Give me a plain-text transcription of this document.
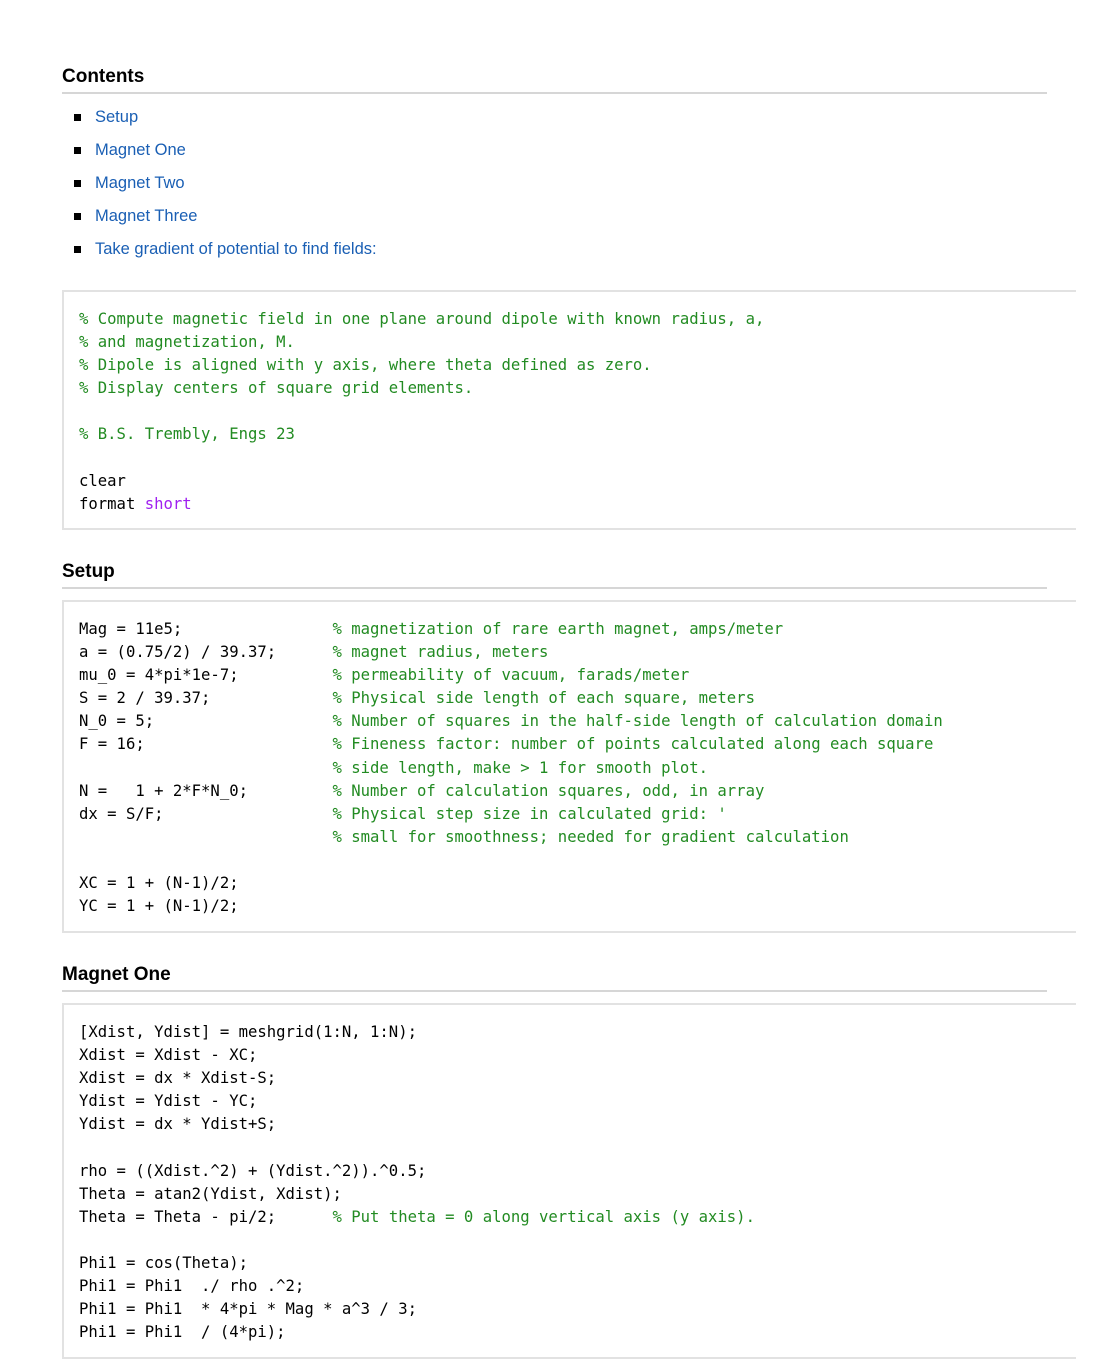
Contents
Setup
Magnet One
Magnet Two
Magnet Three
Take gradient of potential to find fields:
% Compute magnetic field in one plane around dipole with known radius, a,
% and magnetization, M.
% Dipole is aligned with y axis, where theta defined as zero.
% Display centers of square grid elements.

% B.S. Trembly, Engs 23

clear
format short
Setup
Mag = 11e5;                % magnetization of rare earth magnet, amps/meter
a = (0.75/2) / 39.37;      % magnet radius, meters
mu_0 = 4*pi*1e-7;          % permeability of vacuum, farads/meter
S = 2 / 39.37;             % Physical side length of each square, meters
N_0 = 5;                   % Number of squares in the half-side length of calculation domain
F = 16;                    % Fineness factor: number of points calculated along each square
% side length, make > 1 for smooth plot.
N =   1 + 2*F*N_0;         % Number of calculation squares, odd, in array
dx = S/F;                  % Physical step size in calculated grid: '
% small for smoothness; needed for gradient calculation

XC = 1 + (N-1)/2;
YC = 1 + (N-1)/2;
Magnet One
[Xdist, Ydist] = meshgrid(1:N, 1:N);
Xdist = Xdist - XC;
Xdist = dx * Xdist-S;
Ydist = Ydist - YC;
Ydist = dx * Ydist+S;

rho = ((Xdist.^2) + (Ydist.^2)).^0.5;
Theta = atan2(Ydist, Xdist);
Theta = Theta - pi/2;      % Put theta = 0 along vertical axis (y axis).

Phi1 = cos(Theta);
Phi1 = Phi1  ./ rho .^2;
Phi1 = Phi1  * 4*pi * Mag * a^3 / 3;
Phi1 = Phi1  / (4*pi);
